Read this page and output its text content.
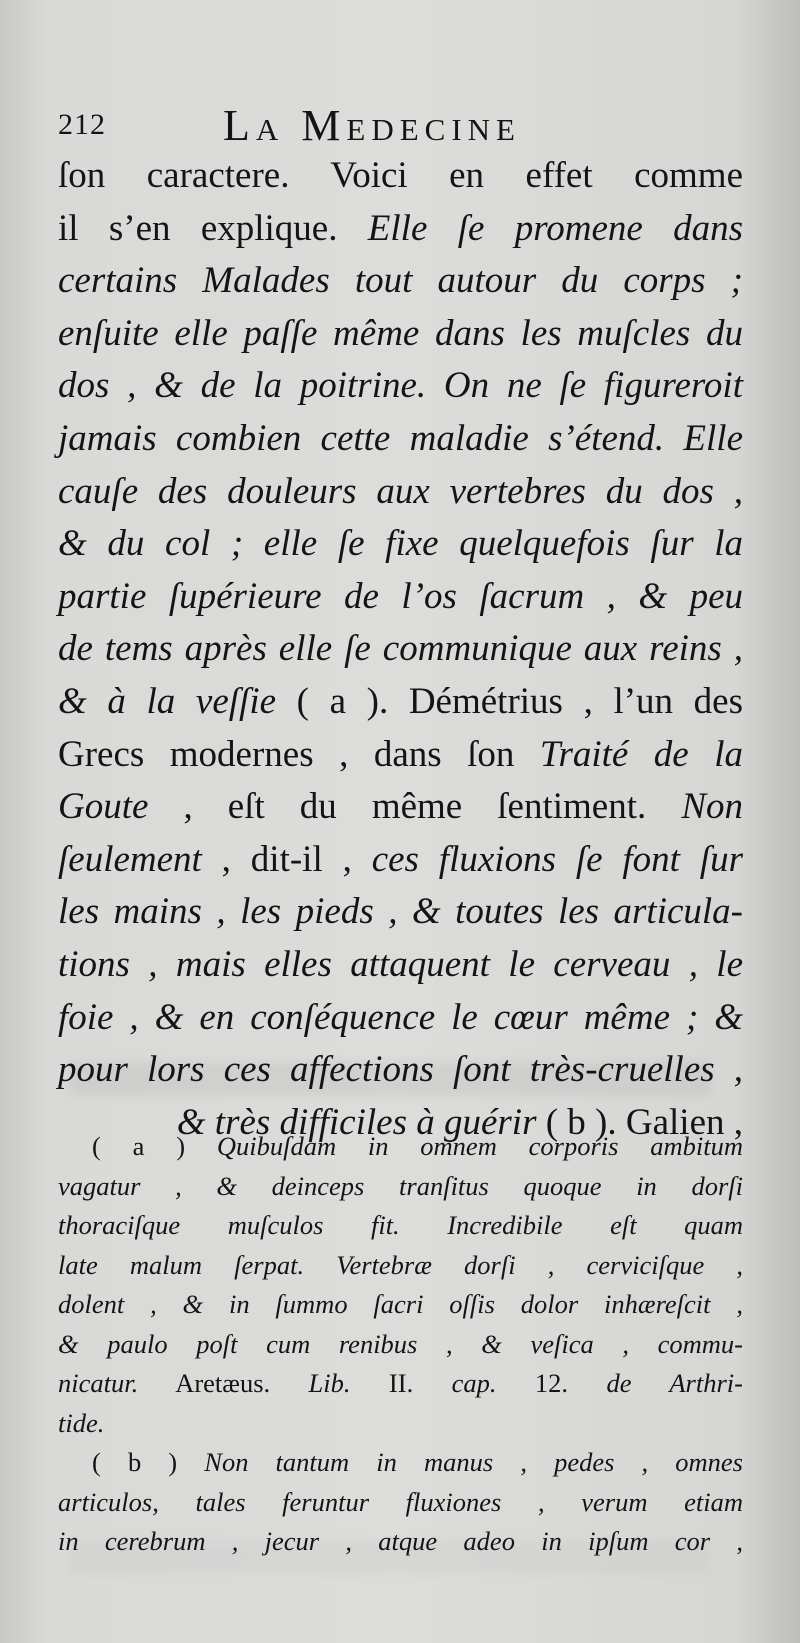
212	La Medecine
ſon caractere. Voici en effet comme
il s’en explique. Elle ſe promene dans
certains Malades tout autour du corps ;
enſuite elle paſſe même dans les muſcles du
dos , & de la poitrine. On ne ſe figureroit
jamais combien cette maladie s’étend. Elle
cauſe des douleurs aux vertebres du dos ,
& du col ; elle ſe fixe quelquefois ſur la
partie ſupérieure de l’os ſacrum , & peu
de tems après elle ſe communique aux reins ,
& à la veſſie ( a ). Démétrius , l’un des
Grecs modernes , dans ſon Traité de la
Goute , eſt du même ſentiment. Non
ſeulement , dit-il , ces fluxions ſe font ſur
les mains , les pieds , & toutes les articula-
tions , mais elles attaquent le cerveau , le
foie , & en conſéquence le cœur même ; &
pour lors ces affections ſont très-cruelles ,
& très difficiles à guérir ( b ). Galien ,
( a ) Quibuſdam in omnem corporis ambitum
vagatur , & deinceps tranſitus quoque in dorſi
thoraciſque muſculos fit. Incredibile eſt quam
late malum ſerpat. Vertebræ dorſi , cerviciſque ,
dolent , & in ſummo ſacri oſſis dolor inhæreſcit ,
& paulo poſt cum renibus , & veſica , commu-
nicatur. Aretæus. Lib. II. cap. 12. de Arthri-
tide.
( b ) Non tantum in manus , pedes , omnes
articulos, tales feruntur fluxiones , verum etiam
in cerebrum , jecur , atque adeo in ipſum cor ,
